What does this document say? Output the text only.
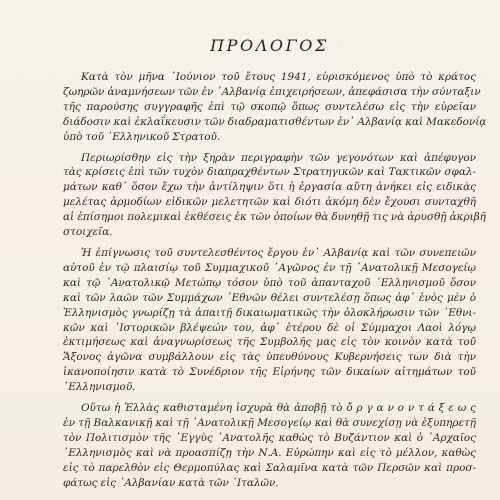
ΠΡΟΛΟΓΟΣ
Κατὰ τὸν μῆνα ᾽Ιούνιον τοῦ ἔτους 1941, εὑρισκόμενος ὑπὸ τὸ κράτος
ζωηρῶν ἀναμνήσεων τῶν ἐν ᾽Αλβανίᾳ ἐπιχειρήσεων, ἀπεφάσισα τὴν σύνταξιν
τῆς παρούσης συγγραφῆς ἐπὶ τῷ σκοπῷ ὅπως συντελέσω εἰς τὴν εὐρεῖαν
διάδοσιν καὶ ἐκλαΐκευσιν τῶν διαδραματισθέντων ἐν᾽ Αλβανίᾳ καὶ Μακεδονίᾳ
ὑπὸ τοῦ ᾽Ελληνικοῦ Στρατοῦ.
Περιωρίσθην εἰς τὴν ξηρὰν περιγραφὴν τῶν γεγονότων καὶ ἀπέφυγον
τὰς κρίσεις ἐπὶ τῶν τυχὸν διαπραχθέντων Στρατηγικῶν καὶ Τακτικῶν σφαλ-
μάτων καθ᾽ ὅσον ἔχω τὴν ἀντίληψιν ὅτι ἡ ἐργασία αὕτη ἀνήκει εἰς ειδικὰς
μελέτας ἁρμοδίων εἰδικῶν μελετητῶν καὶ διότι ἀκόμη δὲν ἔχουσι συνταχθῆ
αἱ ἐπίσημοι πολεμικαὶ ἐκθέσεις ἐκ τῶν ὁποίων θὰ δυνηθῇ τις νὰ ἀρυσθῇ ἀκριβῆ
στοιχεῖα.
Ἡ ἐπίγνωσις τοῦ συντελεσθέντος ἔργου ἐν᾽ Αλβανίᾳ καὶ τῶν συνεπειῶν
αὐτοῦ ἐν τῷ πλαισίῳ τοῦ Συμμαχικοῦ ᾽Αγῶνος ἐν τῇ ᾽Ανατολικῇ Μεσογείῳ
καὶ τῷ ᾽Ανατολικῷ Μετώπῳ τόσον ὑπὸ τοῦ ἁπανταχοῦ ᾽Ελληνισμοῦ ὅσον
καὶ τῶν λαῶν τῶν Συμμάχων ᾽Εθνῶν θέλει συντελέσῃ ὅπως ἀφ᾽ ἑνὸς μὲν ὁ
Ἑλληνισμὸς γνωρίζῃ τὰ ἀπαιτῇ δικαιωματικῶς τὴν ὁλοκλήρωσιν τῶν ᾽Εθνι-
κῶν καὶ ᾽Ιστορικῶν βλέψεών του, ἀφ᾽ ἑτέρου δὲ οἱ Σύμμαχοι Λαοὶ λόγῳ
ἐκτιμήσεως καὶ ἀναγνωρίσεως τῆς Συμβολῆς μας εἰς τὸν κοινὸν κατὰ τοῦ
Ἄξονος ἀγῶνα συμβάλλουν εἰς τὰς ὑπευθύνους Κυβερνήσεις των διὰ τὴν
ἱκανοποίησιν κατὰ τὸ Συνέδριον τῆς Εἰρήνης τῶν δικαίων αἰτημάτων τοῦ
᾽Ελληνισμοῦ.
Οὕτω ἡ Ἑλλὰς καθισταμένη ἰσχυρὰ θὰ ἀποβῇ τὸ ὄ ρ γ α ν ο ν τ ά ξ ε ω ς
ἐν τῇ Βαλκανικῇ καὶ τῇ ᾽Ανατολικῇ Μεσογείῳ καὶ θὰ συνεχίσῃ νὰ ἐξυπηρετῇ
τὸν Πολιτισμὸν τῆς ᾽Εγγὺς ᾽Ανατολῆς καθὼς τὸ Βυζάντιον καὶ ὁ ᾽Αρχαῖος
᾽Ελληνισμὸς καὶ νὰ προασπίζῃ τὴν Ν.Α. Εὐρώπην καὶ εἰς τὸ μέλλον, καθὼς
εἰς τὸ παρελθὸν εἰς Θερμοπύλας καὶ Σαλαμῖνα κατὰ τῶν Περσῶν καὶ προσ-
φάτως εἰς ᾽Αλβανίαν κατὰ τῶν ᾽Ιταλῶν.
